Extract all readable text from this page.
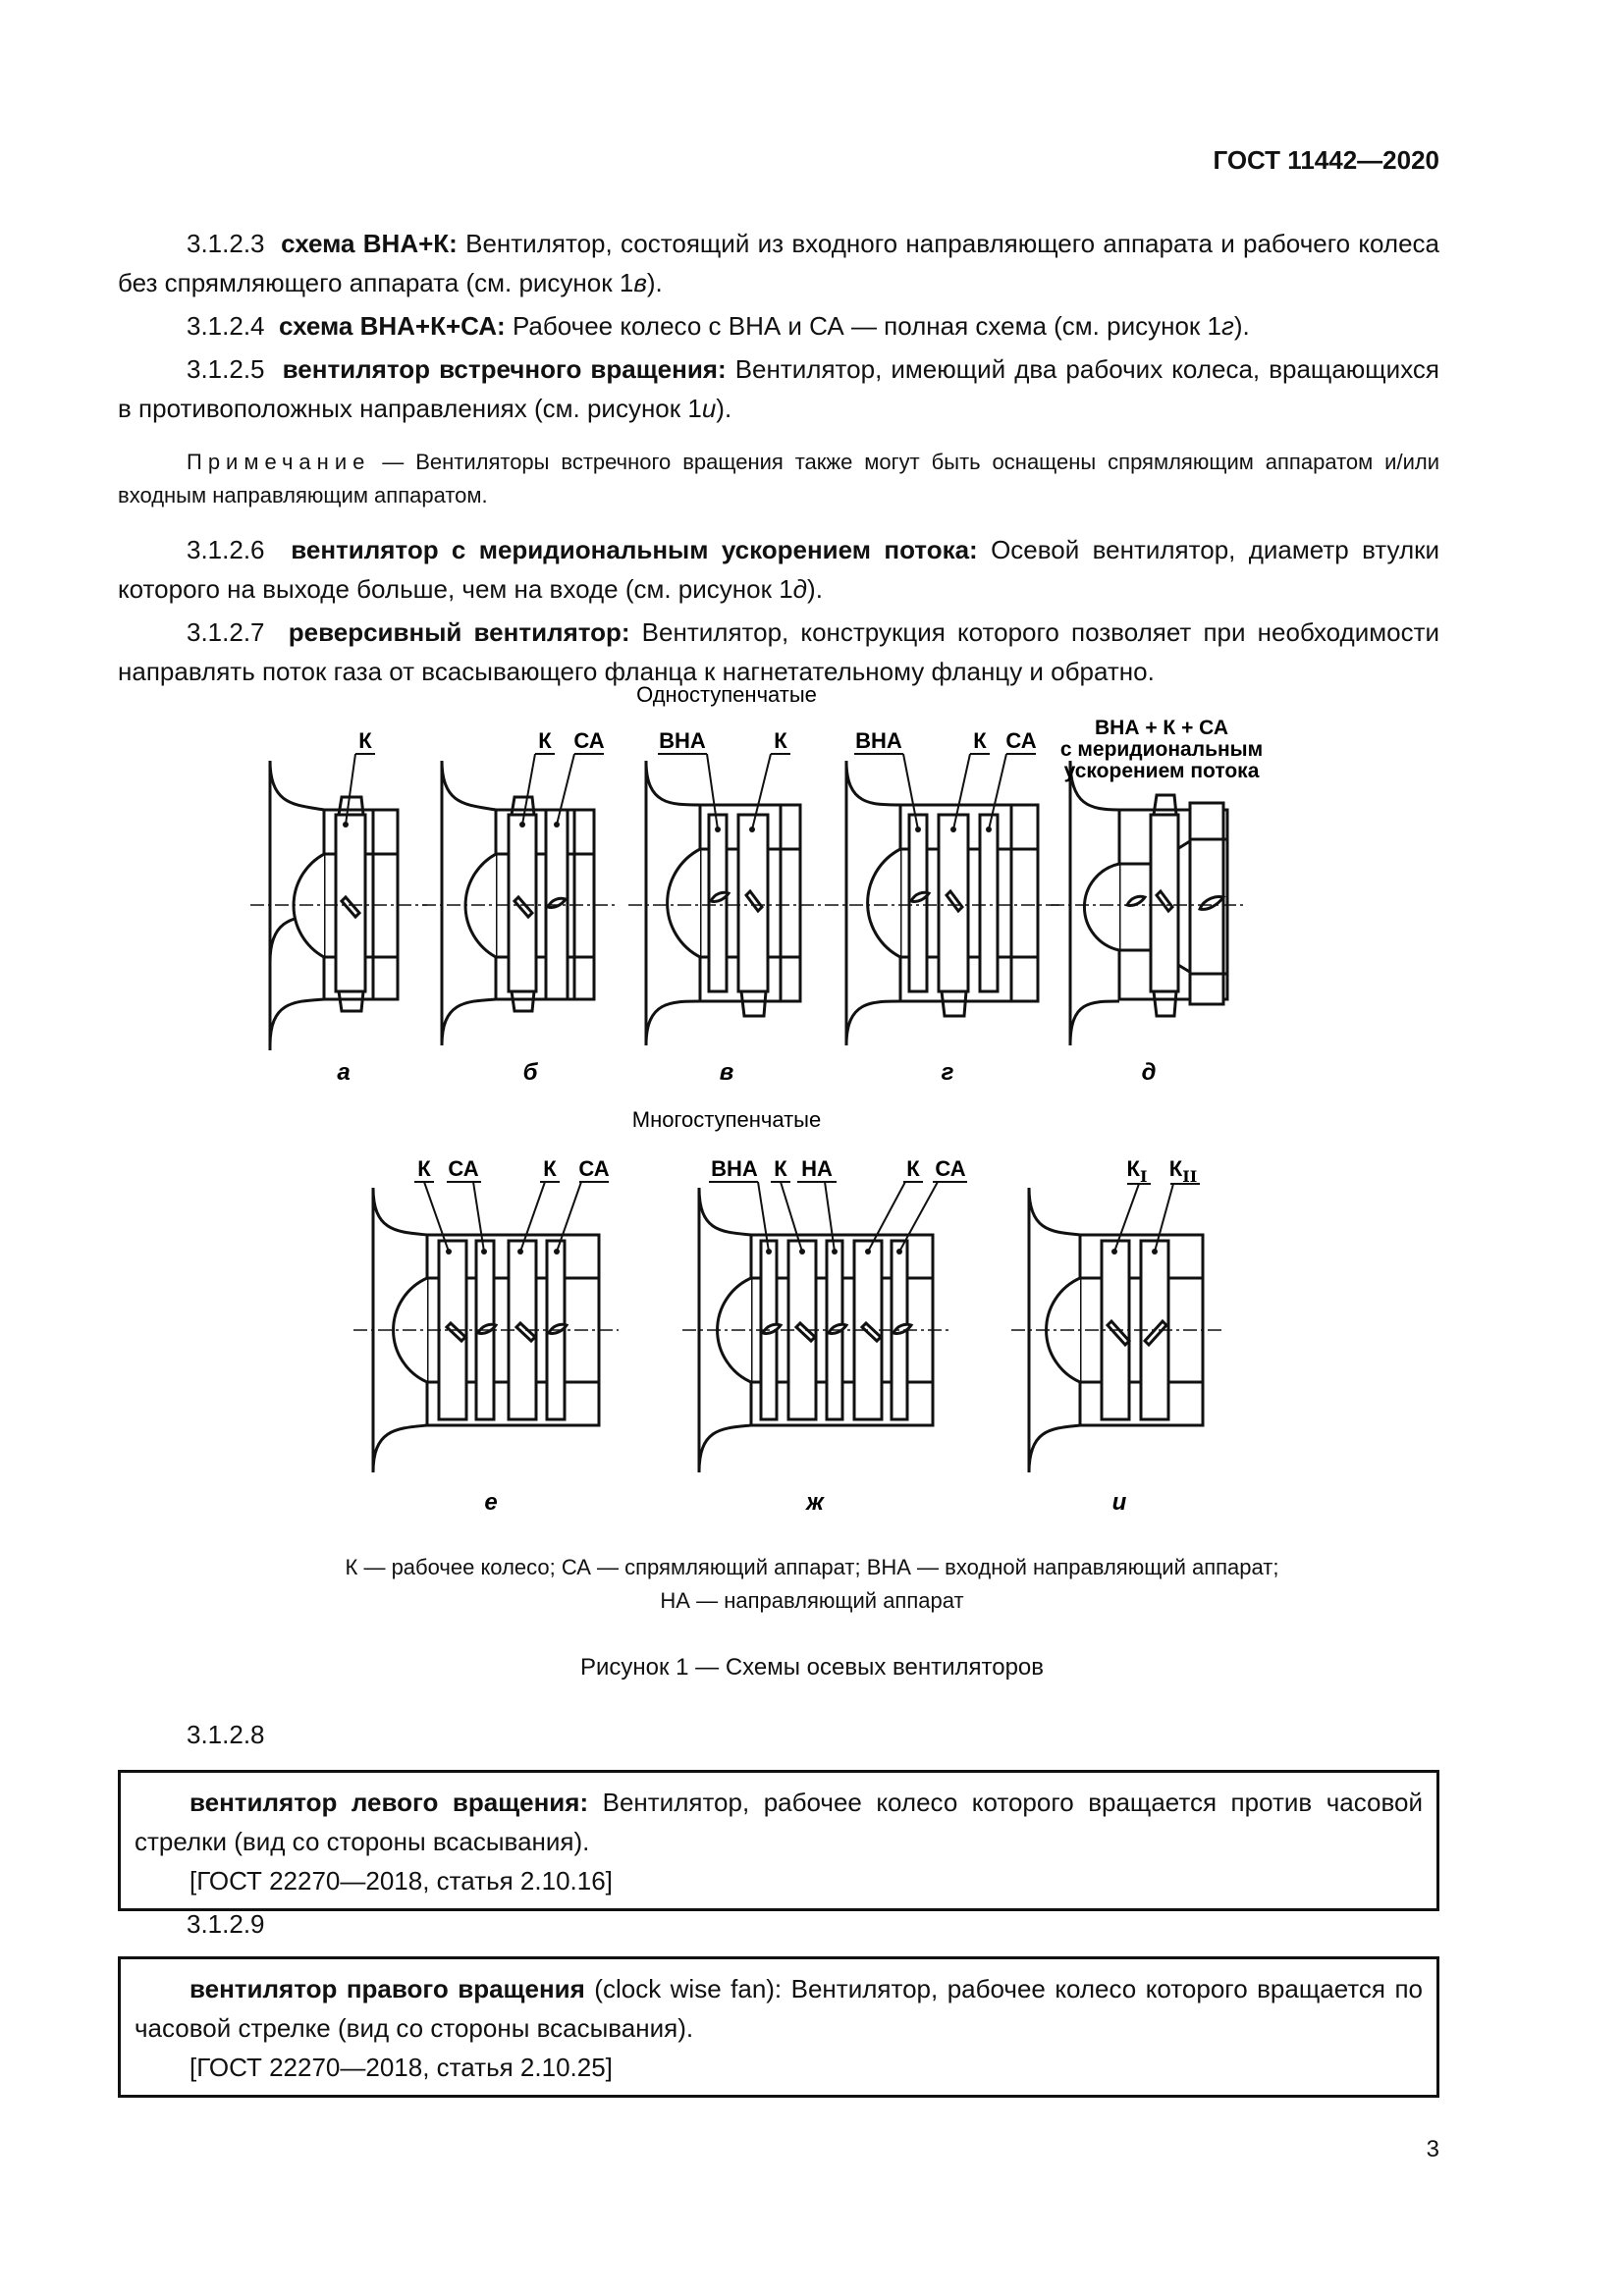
ГОСТ 11442—2020

3.1.2.3 схема ВНА+К: Вентилятор, состоящий из входного направляющего аппарата и рабочего колеса без спрямляющего аппарата (см. рисунок 1в).

3.1.2.4 схема ВНА+К+СА: Рабочее колесо с ВНА и СА — полная схема (см. рисунок 1г).

3.1.2.5 вентилятор встречного вращения: Вентилятор, имеющий два рабочих колеса, вращающихся в противоположных направлениях (см. рисунок 1и).

Примечание — Вентиляторы встречного вращения также могут быть оснащены спрямляющим аппаратом и/или входным направляющим аппаратом.

3.1.2.6 вентилятор с меридиональным ускорением потока: Осевой вентилятор, диаметр втулки которого на выходе больше, чем на входе (см. рисунок 1д).

3.1.2.7 реверсивный вентилятор: Вентилятор, конструкция которого позволяет при необходимости направлять поток газа от всасывающего фланца к нагнетательному фланцу и обратно.

Одноступенчатые
К
а
К СА
б
ВНА	К
в
ВНА	К СА
г
ВНА + К + СА
с меридиональным
ускорением потока
д
Многоступенчатые
К СА	К СА
е
ВНА К НА	К СА
ж
$К_I$ $К_{II}$
и
К — рабочее колесо; СА — спрямляющий аппарат; ВНА — входной направляющий аппарат;
НА — направляющий аппарат
Рисунок 1 — Схемы осевых вентиляторов
3.1.2.8
вентилятор левого вращения: Вентилятор, рабочее колесо которого вращается против часовой стрелки (вид со стороны всасывания).
[ГОСТ 22270—2018, статья 2.10.16]
3.1.2.9
вентилятор правого вращения (clock wise fan): Вентилятор, рабочее колесо которого вращается по часовой стрелке (вид со стороны всасывания).
[ГОСТ 22270—2018, статья 2.10.25]
3
